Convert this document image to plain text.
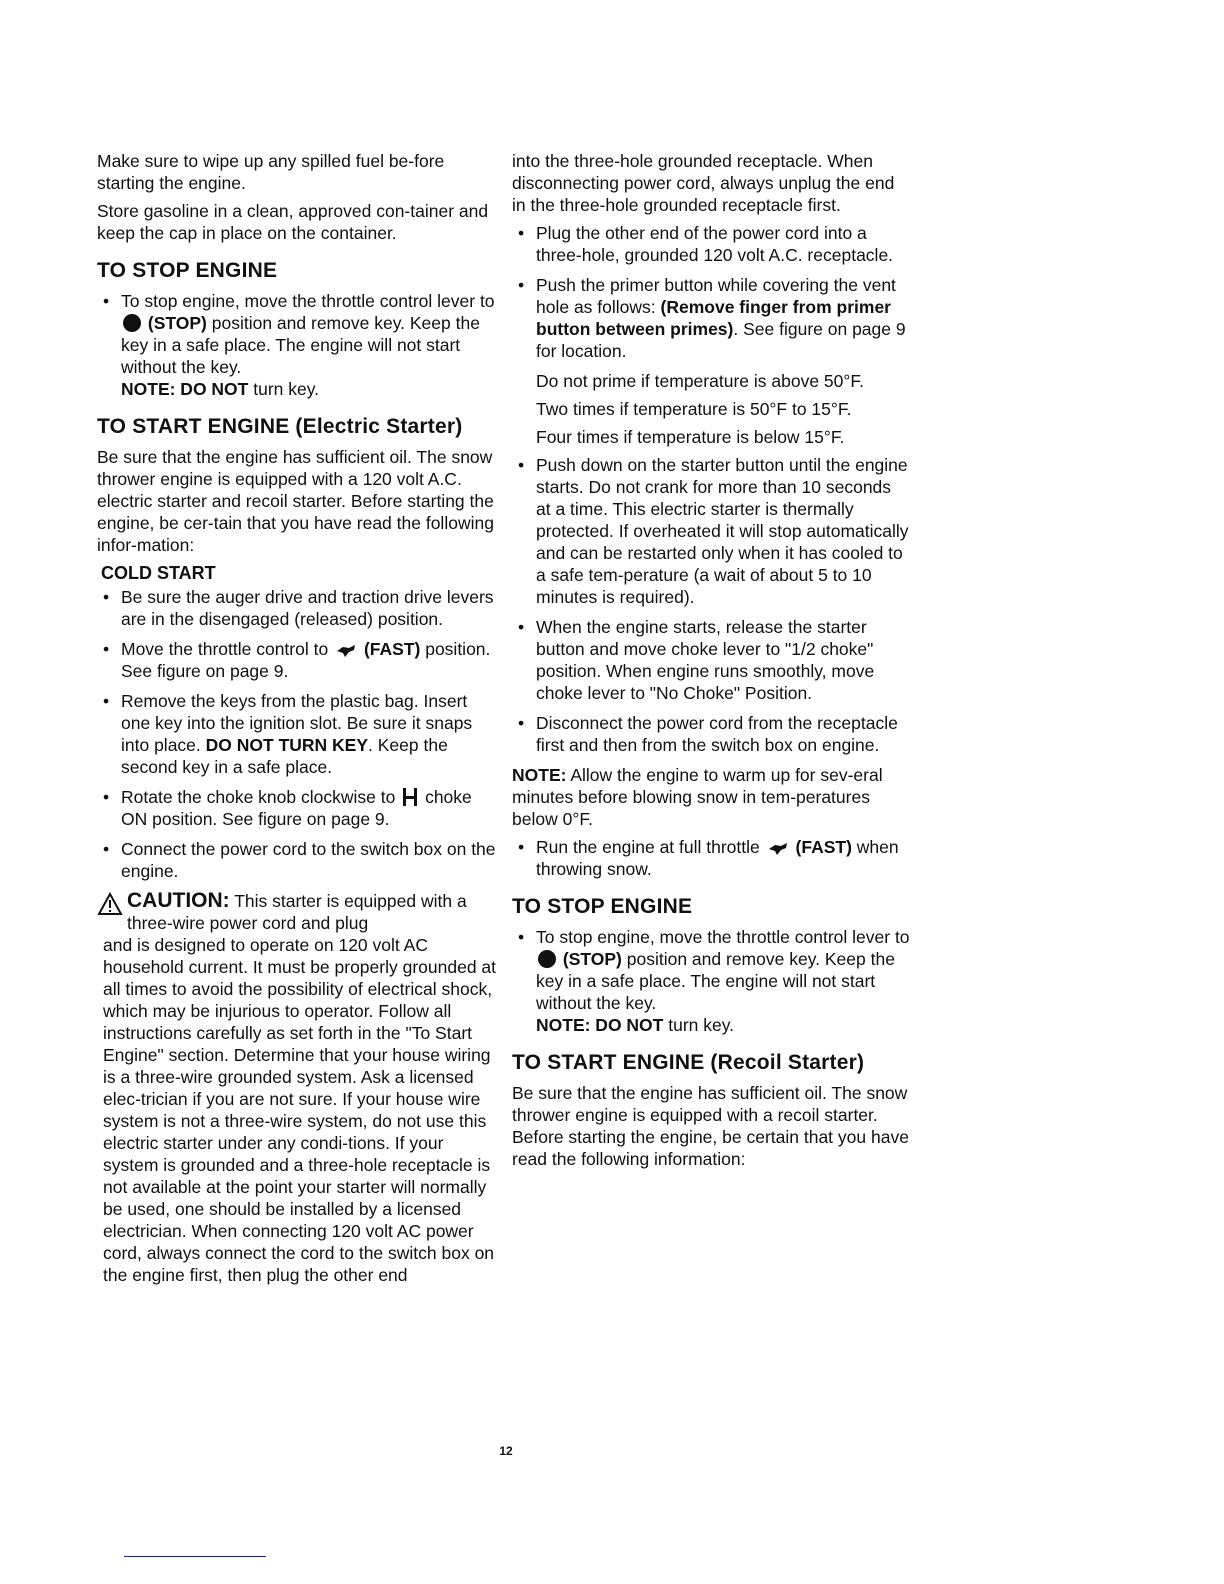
Make sure to wipe up any spilled fuel be-fore starting the engine.

Store gasoline in a clean, approved con-tainer and keep the cap in place on the container.

TO STOP ENGINE
• To stop engine, move the throttle control lever to  (STOP) position and remove key. Keep the key in a safe place. The engine will not start without the key.
NOTE: DO NOT turn key.
TO START ENGINE (Electric Starter)

Be sure that the engine has sufficient oil. The snow thrower engine is equipped with a 120 volt A.C. electric starter and recoil starter. Before starting the engine, be cer-tain that you have read the following infor-mation:

COLD START
• Be sure the auger drive and traction drive levers are in the disengaged (released) position.
• Move the throttle control to (FAST) position. See figure on page 9.
• Remove the keys from the plastic bag. Insert one key into the ignition slot. Be sure it snaps into place. DO NOT TURN KEY. Keep the second key in a safe place.
• Rotate the choke knob clockwise to choke ON position. See figure on page 9.
• Connect the power cord to the switch box on the engine.
CAUTION: This starter is equipped with a three-wire power cord and plug
and is designed to operate on 120 volt AC household current. It must be properly grounded at all times to avoid the possibility of electrical shock, which may be injurious to operator. Follow all instructions carefully as set forth in the "To Start Engine" section. Determine that your house wiring is a three-wire grounded system. Ask a licensed elec-trician if you are not sure. If your house wire system is not a three-wire system, do not use this electric starter under any condi-tions. If your system is grounded and a three-hole receptacle is not available at the point your starter will normally be used, one should be installed by a licensed electrician. When connecting 120 volt AC power cord, always connect the cord to the switch box on the engine first, then plug the other end

into the three-hole grounded receptacle. When disconnecting power cord, always unplug the end in the three-hole grounded receptacle first.

• Plug the other end of the power cord into a three-hole, grounded 120 volt A.C. receptacle.
• Push the primer button while covering the vent hole as follows: (Remove finger from primer button between primes). See figure on page 9 for location.

Do not prime if temperature is above 50°F.

Two times if temperature is 50°F to 15°F.

Four times if temperature is below 15°F.

• Push down on the starter button until the engine starts. Do not crank for more than 10 seconds at a time. This electric starter is thermally protected. If overheated it will stop automatically and can be restarted only when it has cooled to a safe tem-perature (a wait of about 5 to 10 minutes is required).
• When the engine starts, release the starter button and move choke lever to "1/2 choke" position. When engine runs smoothly, move choke lever to "No Choke" Position.
• Disconnect the power cord from the receptacle first and then from the switch box on engine.

NOTE: Allow the engine to warm up for sev-eral minutes before blowing snow in tem-peratures below 0°F.

• Run the engine at full throttle (FAST) when throwing snow.
TO STOP ENGINE
• To stop engine, move the throttle control lever to  (STOP) position and remove key. Keep the key in a safe place. The engine will not start without the key.
NOTE: DO NOT turn key.
TO START ENGINE (Recoil Starter)

Be sure that the engine has sufficient oil. The snow thrower engine is equipped with a recoil starter. Before starting the engine, be certain that you have read the following information:

12
